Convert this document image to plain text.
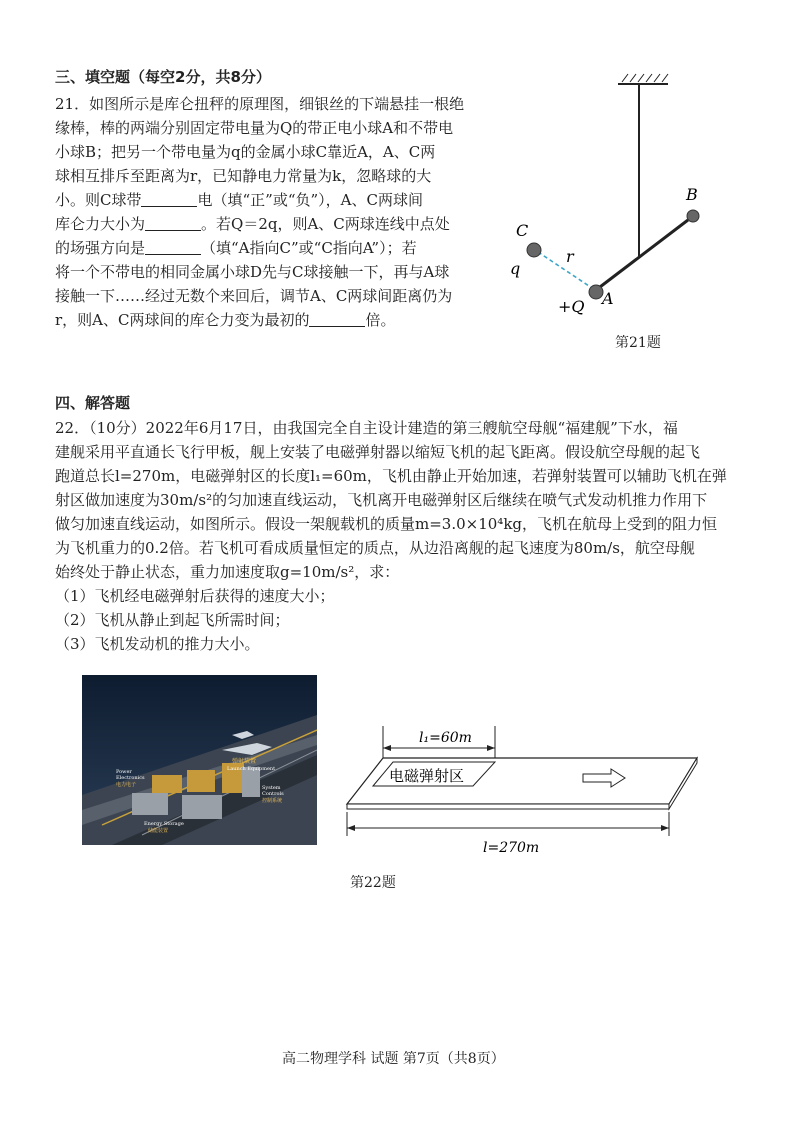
三、填空题（每空2分，共8分）
21．如图所示是库仑扭秤的原理图，细银丝的下端悬挂一根绝
缘棒，棒的两端分别固定带电量为Q的带正电小球A和不带电
小球B；把另一个带电量为q的金属小球C靠近A，A、C两
球相互排斥至距离为r，已知静电力常量为k，忽略球的大
小。则C球带	电（填“正”或“负”），A、C两球间
库仑力大小为	。若Q＝2q，则A、C两球连线中点处
的场强方向是	（填“A指向C”或“C指向A”）；若
将一个不带电的相同金属小球D先与C球接触一下，再与A球
接触一下……经过无数个来回后，调节A、C两球间距离仍为
r，则A、C两球间的库仑力变为最初的	倍。
B
C
q
r
+Q A
第21题
四、解答题
22．（10分）2022年6月17日，由我国完全自主设计建造的第三艘航空母舰“福建舰”下水，福
建舰采用平直通长飞行甲板，舰上安装了电磁弹射器以缩短飞机的起飞距离。假设航空母舰的起飞
跑道总长l=270m，电磁弹射区的长度l₁=60m，飞机由静止开始加速，若弹射装置可以辅助飞机在弹
射区做加速度为30m/s²的匀加速直线运动，飞机离开电磁弹射区后继续在喷气式发动机推力作用下
做匀加速直线运动，如图所示。假设一架舰载机的质量m=3.0×10⁴kg，飞机在航母上受到的阻力恒
为飞机重力的0.2倍。若飞机可看成质量恒定的质点，从边沿离舰的起飞速度为80m/s，航空母舰
始终处于静止状态，重力加速度取g=10m/s²，求：
（1）飞机经电磁弹射后获得的速度大小；
（2）飞机从静止到起飞所需时间；
（3）飞机发动机的推力大小。
弹射装置
Launch Equipment
Power
Electronics
电力电子	System
Controls
控制系统
Energy Storage
储能装置
l₁=60m
电磁弹射区
l=270m
第22题
高二物理学科 试题 第7页（共8页）
